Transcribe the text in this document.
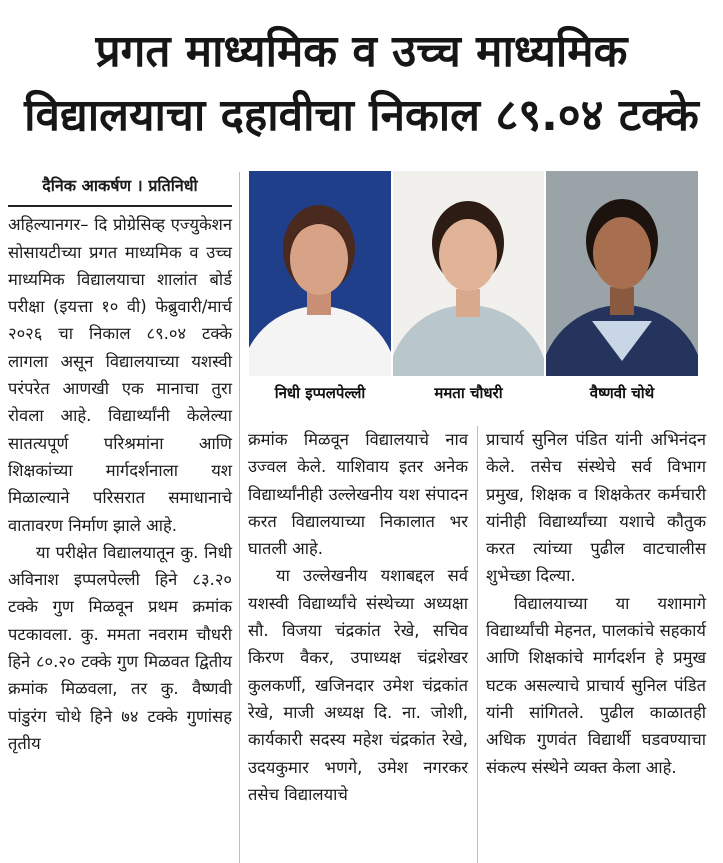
प्रगत माध्यमिक व उच्च माध्यमिक
विद्यालयाचा दहावीचा निकाल ८९.०४ टक्के
दैनिक आकर्षण । प्रतिनिधी

अहिल्यानगर– दि प्रोग्रेसिव्ह एज्युकेशन सोसायटीच्या प्रगत माध्यमिक व उच्च माध्यमिक विद्यालयाचा शालांत बोर्ड परीक्षा (इयत्ता १० वी) फेब्रुवारी/मार्च २०२६ चा निकाल ८९.०४ टक्के लागला असून विद्यालयाच्या यशस्वी परंपरेत आणखी एक मानाचा तुरा रोवला आहे. विद्यार्थ्यांनी केलेल्या सातत्यपूर्ण परिश्रमांना आणि शिक्षकांच्या मार्गदर्शनाला यश मिळाल्याने परिसरात समाधानाचे वातावरण निर्माण झाले आहे.

या परीक्षेत विद्यालयातून कु. निधी अविनाश इप्पलपेल्ली हिने ८३.२० टक्के गुण मिळवून प्रथम क्रमांक पटकावला. कु. ममता नवराम चौधरी हिने ८०.२० टक्के गुण मिळवत द्वितीय क्रमांक मिळवला, तर कु. वैष्णवी पांडुरंग चोथे हिने ७४ टक्के गुणांसह तृतीय

निधी इप्पलपेल्ली	ममता चौधरी	वैष्णवी चोथे

क्रमांक मिळवून विद्यालयाचे नाव उज्वल केले. याशिवाय इतर अनेक विद्यार्थ्यांनीही उल्लेखनीय यश संपादन करत विद्यालयाच्या निकालात भर घातली आहे.

या उल्लेखनीय यशाबद्दल सर्व यशस्वी विद्यार्थ्यांचे संस्थेच्या अध्यक्षा सौ. विजया चंद्रकांत रेखे, सचिव किरण वैकर, उपाध्यक्ष चंद्रशेखर कुलकर्णी, खजिनदार उमेश चंद्रकांत रेखे, माजी अध्यक्ष दि. ना. जोशी, कार्यकारी सदस्य महेश चंद्रकांत रेखे, उदयकुमार भणगे, उमेश नगरकर तसेच विद्यालयाचे

प्राचार्य सुनिल पंडित यांनी अभिनंदन केले. तसेच संस्थेचे सर्व विभाग प्रमुख, शिक्षक व शिक्षकेतर कर्मचारी यांनीही विद्यार्थ्यांच्या यशाचे कौतुक करत त्यांच्या पुढील वाटचालीस शुभेच्छा दिल्या.

विद्यालयाच्या या यशामागे विद्यार्थ्यांची मेहनत, पालकांचे सहकार्य आणि शिक्षकांचे मार्गदर्शन हे प्रमुख घटक असल्याचे प्राचार्य सुनिल पंडित यांनी सांगितले. पुढील काळातही अधिक गुणवंत विद्यार्थी घडवण्याचा संकल्प संस्थेने व्यक्त केला आहे.
